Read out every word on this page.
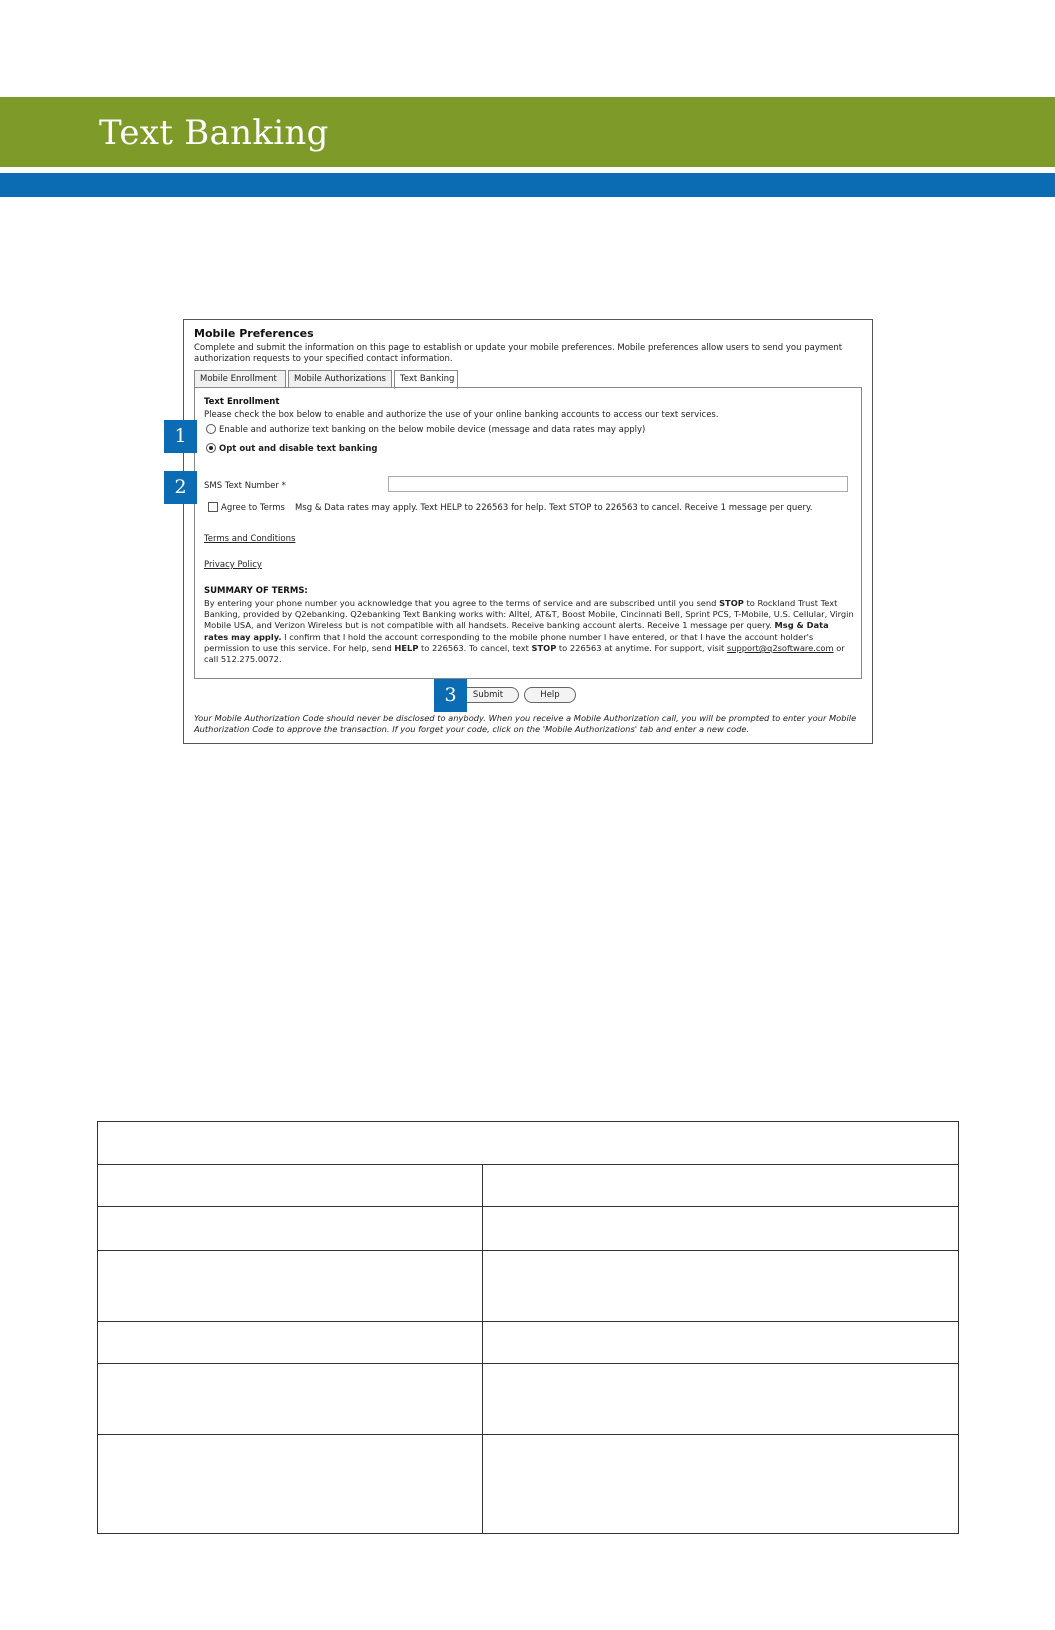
Text Banking
Mobile Preferences
Complete and submit the information on this page to establish or update your mobile preferences. Mobile preferences allow users to send you payment authorization requests to your specified contact information.
Mobile Enrollment	Mobile Authorizations	Text Banking
Text Enrollment
Please check the box below to enable and authorize the use of your online banking accounts to access our text services.
Enable and authorize text banking on the below mobile device (message and data rates may apply)
Opt out and disable text banking
SMS Text Number *
Agree to Terms Msg & Data rates may apply. Text HELP to 226563 for help. Text STOP to 226563 to cancel. Receive 1 message per query.
Terms and Conditions
Privacy Policy
SUMMARY OF TERMS:
By entering your phone number you acknowledge that you agree to the terms of service and are subscribed until you send STOP to Rockland Trust Text Banking, provided by Q2ebanking. Q2ebanking Text Banking works with: Alltel, AT&T, Boost Mobile, Cincinnati Bell, Sprint PCS, T-Mobile, U.S. Cellular, Virgin Mobile USA, and Verizon Wireless but is not compatible with all handsets. Receive banking account alerts. Receive 1 message per query. Msg & Data rates may apply. I confirm that I hold the account corresponding to the mobile phone number I have entered, or that I have the account holder's permission to use this service. For help, send HELP to 226563. To cancel, text STOP to 226563 at anytime. For support, visit support@q2software.com or call 512.275.0072.
Submit	Help
Your Mobile Authorization Code should never be disclosed to anybody. When you receive a Mobile Authorization call, you will be prompted to enter your Mobile Authorization Code to approve the transaction. If you forget your code, click on the 'Mobile Authorizations' tab and enter a new code.
1
2
3
